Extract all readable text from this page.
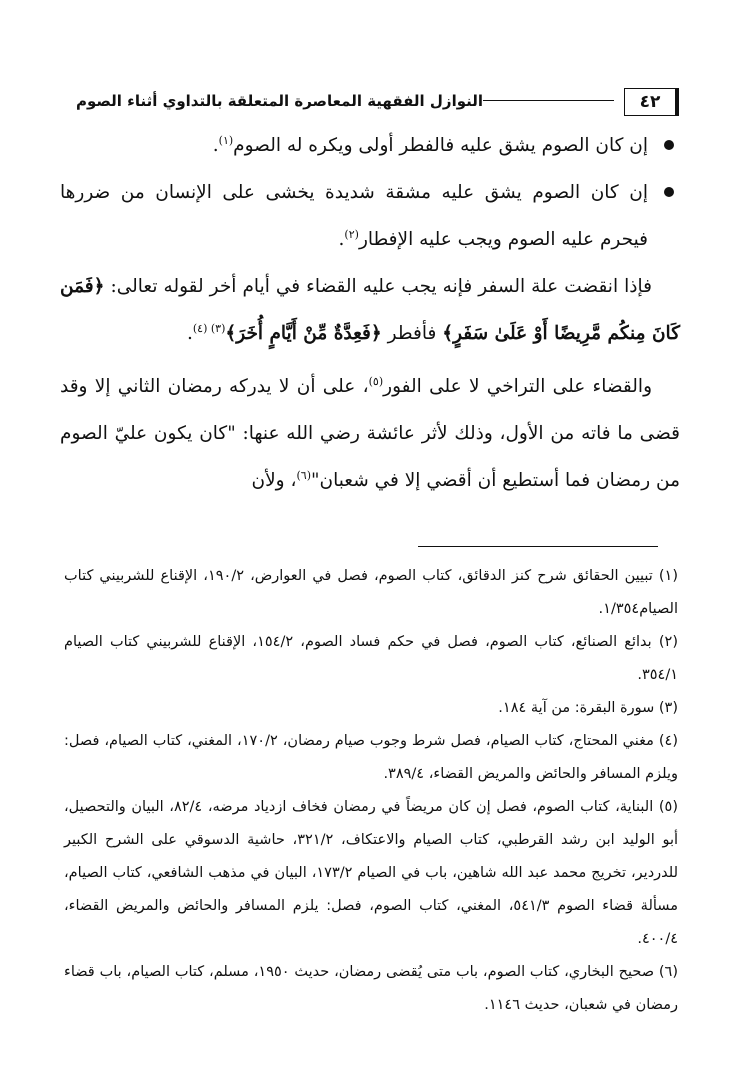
٤٢
النوازل الفقهية المعاصرة المتعلقة بالتداوي أثناء الصوم

إن كان الصوم يشق عليه فالفطر أولى ويكره له الصوم$^{(١)}$.

إن كان الصوم يشق عليه مشقة شديدة يخشى على الإنسان من ضررها فيحرم عليه الصوم ويجب عليه الإفطار$^{(٢)}$.

فإذا انقضت علة السفر فإنه يجب عليه القضاء في أيام أخر لقوله تعالى: ﴿فَمَن كَانَ مِنكُم مَّرِيضًا أَوْ عَلَىٰ سَفَرٍ﴾ فأفطر ﴿فَعِدَّةٌ مِّنْ أَيَّامٍ أُخَرَ﴾$^{(٣) (٤)}$.

والقضاء على التراخي لا على الفور$^{(٥)}$، على أن لا يدركه رمضان الثاني إلا وقد قضى ما فاته من الأول، وذلك لأثر عائشة رضي الله عنها: "كان يكون عليّ الصوم من رمضان فما أستطيع أن أقضي إلا في شعبان"$^{(٦)}$، ولأن

(١) تبيين الحقائق شرح كنز الدقائق، كتاب الصوم، فصل في العوارض، ١٩٠/٢، الإقناع للشربيني كتاب الصيام١/٣٥٤.

(٢) بدائع الصنائع، كتاب الصوم، فصل في حكم فساد الصوم، ١٥٤/٢، الإقناع للشربيني كتاب الصيام ٣٥٤/١.

(٣) سورة البقرة: من آية ١٨٤.

(٤) مغني المحتاج، كتاب الصيام، فصل شرط وجوب صيام رمضان، ١٧٠/٢، المغني، كتاب الصيام، فصل: ويلزم المسافر والحائض والمريض القضاء، ٣٨٩/٤.

(٥) البناية، كتاب الصوم، فصل إن كان مريضاً في رمضان فخاف ازدياد مرضه، ٨٢/٤، البيان والتحصيل، أبو الوليد ابن رشد القرطبي، كتاب الصيام والاعتكاف، ٣٢١/٢، حاشية الدسوقي على الشرح الكبير للدردير، تخريج محمد عبد الله شاهين، باب في الصيام ١٧٣/٢، البيان في مذهب الشافعي، كتاب الصيام، مسألة قضاء الصوم ٥٤١/٣، المغني، كتاب الصوم، فصل: يلزم المسافر والحائض والمريض القضاء، ٤٠٠/٤.

(٦) صحيح البخاري، كتاب الصوم، باب متى يُقضى رمضان، حديث ١٩٥٠، مسلم، كتاب الصيام، باب قضاء رمضان في شعبان، حديث ١١٤٦.
